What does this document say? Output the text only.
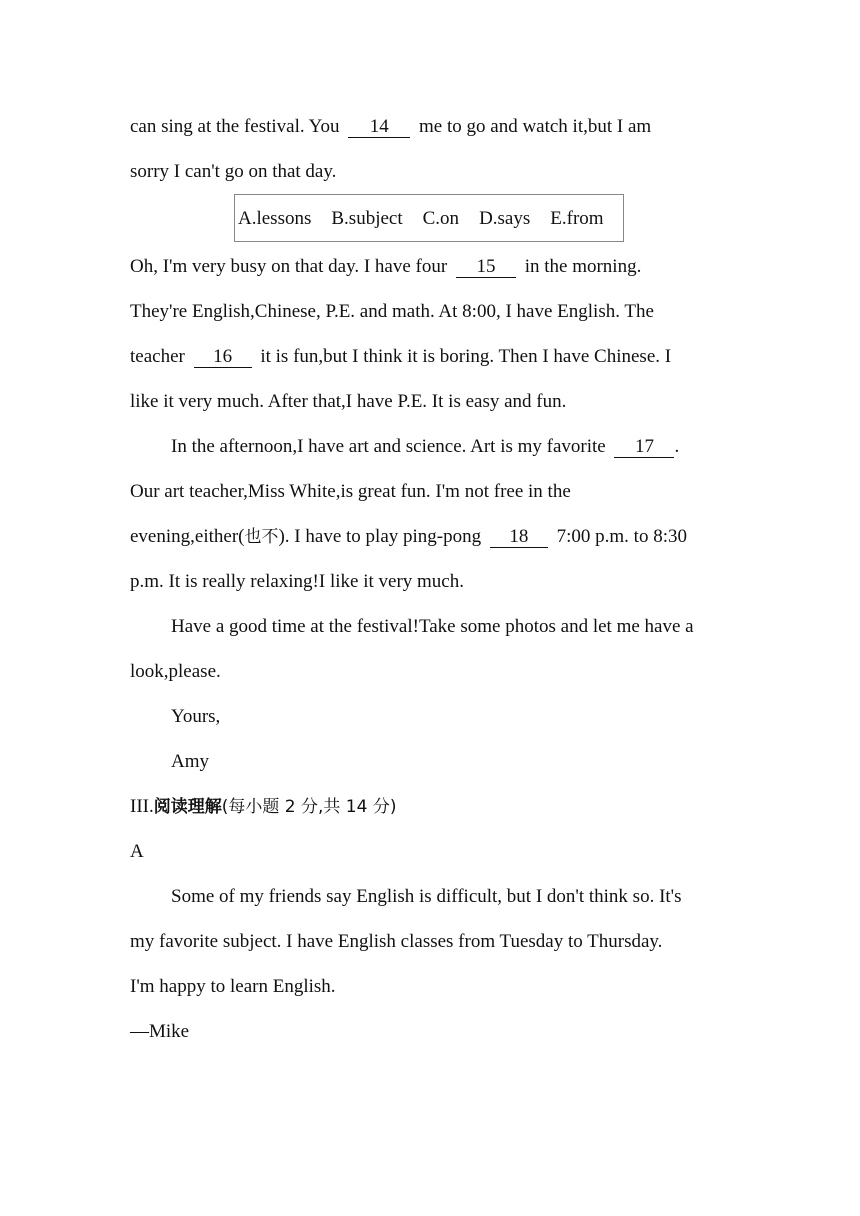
can sing at the festival. You 14 me to go and watch it,but I am
sorry I can't go on that day.
A.lessons B.subject C.on D.says E.from
Oh, I'm very busy on that day. I have four 15 in the morning.
They're English,Chinese, P.E. and math. At 8:00, I have English. The
teacher 16 it is fun,but I think it is boring. Then I have Chinese. I
like it very much. After that,I have P.E. It is easy and fun.
In the afternoon,I have art and science. Art is my favorite 17 .
Our art teacher,Miss White,is great fun. I'm not free in the
evening,either(也不). I have to play ping-pong 18 7:00 p.m. to 8:30
p.m. It is really relaxing!I like it very much.
Have a good time at the festival!Take some photos and let me have a
look,please.
Yours,
Amy
III.阅读理解(每小题 2 分,共 14 分)
A
Some of my friends say English is difficult, but I don't think so. It's
my favorite subject. I have English classes from Tuesday to Thursday.
I'm happy to learn English.
—Mike
